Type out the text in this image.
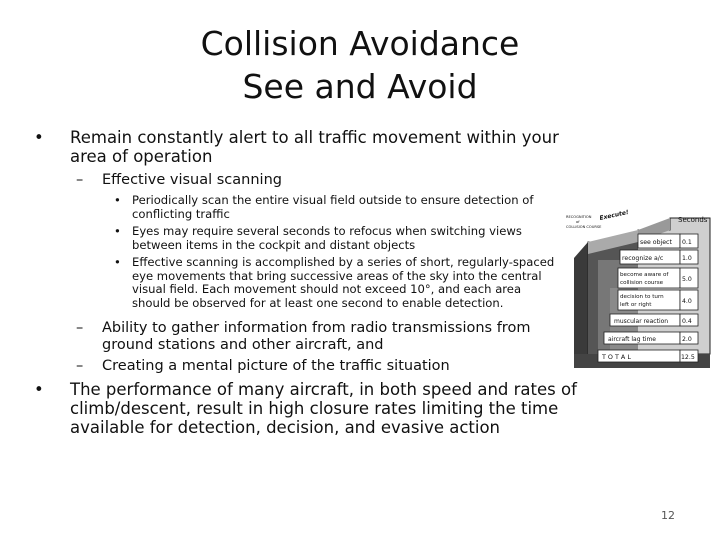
Collision Avoidance
See and Avoid
• Remain constantly alert to all traffic movement within your
area of operation
– Effective visual scanning
• Periodically scan the entire visual field outside to ensure detection of
conflicting traffic
• Eyes may require several seconds to refocus when switching views
between items in the cockpit and distant objects
• Effective scanning is accomplished by a series of short, regularly-spaced
eye movements that bring successive areas of the sky into the central
visual field. Each movement should not exceed 10°, and each area
should be observed for at least one second to enable detection.
– Ability to gather information from radio transmissions from
ground stations and other aircraft, and
– Creating a mental picture of the traffic situation
• The performance of many aircraft, in both speed and rates of
climb/descent, result in high closure rates limiting the time
available for detection, decision, and evasive action
Seconds
Execute!
RECOGNITION
of
COLLISION COURSE
see object 0.1
recognize a/c	1.0
become aware of collision course	5.0
decision to turn left or right	4.0
muscular reaction 0.4
aircraft lag time	2.0
T O T A L	12.5
12
